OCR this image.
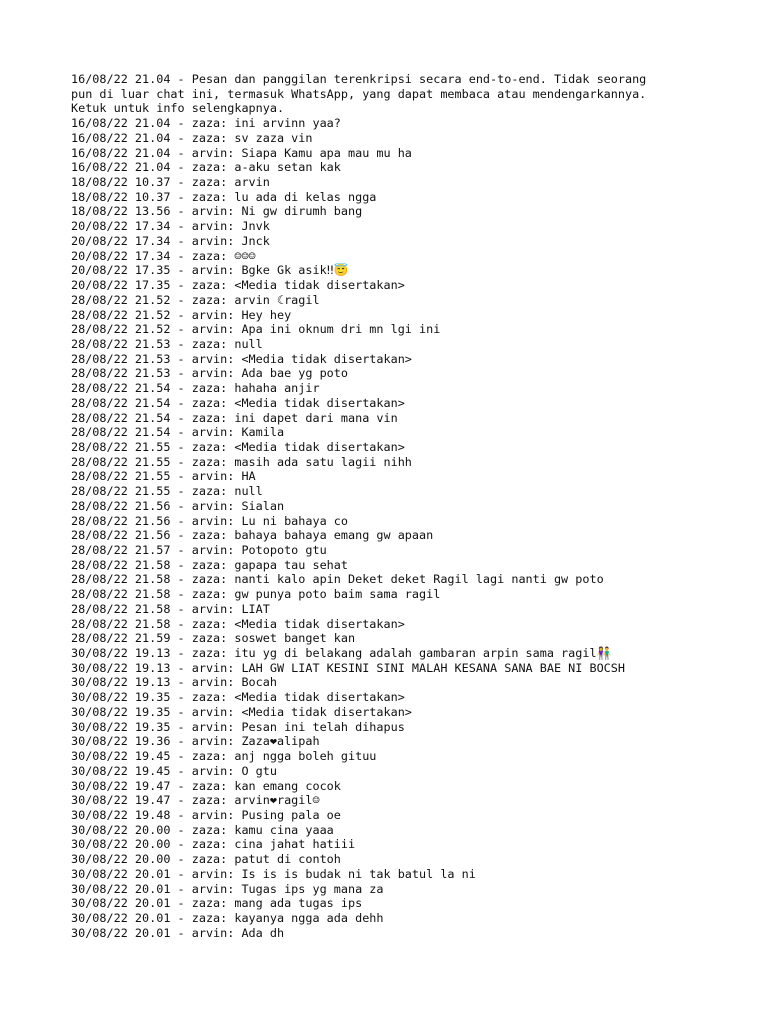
16/08/22 21.04 - Pesan dan panggilan terenkripsi secara end-to-end. Tidak seorang
pun di luar chat ini, termasuk WhatsApp, yang dapat membaca atau mendengarkannya.
Ketuk untuk info selengkapnya.
16/08/22 21.04 - zaza: ini arvinn yaa?
16/08/22 21.04 - zaza: sv zaza vin
16/08/22 21.04 - arvin: Siapa Kamu apa mau mu ha
16/08/22 21.04 - zaza: a-aku setan kak
18/08/22 10.37 - zaza: arvin
18/08/22 10.37 - zaza: lu ada di kelas ngga
18/08/22 13.56 - arvin: Ni gw dirumh bang
20/08/22 17.34 - arvin: Jnvk
20/08/22 17.34 - arvin: Jnck
20/08/22 17.34 - zaza: ☺☺☺
20/08/22 17.35 - arvin: Bgke Gk asik‼😇
20/08/22 17.35 - zaza: <Media tidak disertakan>
28/08/22 21.52 - zaza: arvin ☾ragil
28/08/22 21.52 - arvin: Hey hey
28/08/22 21.52 - arvin: Apa ini oknum dri mn lgi ini
28/08/22 21.53 - zaza: null
28/08/22 21.53 - arvin: <Media tidak disertakan>
28/08/22 21.53 - arvin: Ada bae yg poto
28/08/22 21.54 - zaza: hahaha anjir
28/08/22 21.54 - zaza: <Media tidak disertakan>
28/08/22 21.54 - zaza: ini dapet dari mana vin
28/08/22 21.54 - arvin: Kamila
28/08/22 21.55 - zaza: <Media tidak disertakan>
28/08/22 21.55 - zaza: masih ada satu lagii nihh
28/08/22 21.55 - arvin: HA
28/08/22 21.55 - zaza: null
28/08/22 21.56 - arvin: Sialan
28/08/22 21.56 - arvin: Lu ni bahaya co
28/08/22 21.56 - zaza: bahaya bahaya emang gw apaan
28/08/22 21.57 - arvin: Potopoto gtu
28/08/22 21.58 - zaza: gapapa tau sehat
28/08/22 21.58 - zaza: nanti kalo apin Deket deket Ragil lagi nanti gw poto
28/08/22 21.58 - zaza: gw punya poto baim sama ragil
28/08/22 21.58 - arvin: LIAT
28/08/22 21.58 - zaza: <Media tidak disertakan>
28/08/22 21.59 - zaza: soswet banget kan
30/08/22 19.13 - zaza: itu yg di belakang adalah gambaran arpin sama ragil👫
30/08/22 19.13 - arvin: LAH GW LIAT KESINI SINI MALAH KESANA SANA BAE NI BOCSH
30/08/22 19.13 - arvin: Bocah
30/08/22 19.35 - zaza: <Media tidak disertakan>
30/08/22 19.35 - arvin: <Media tidak disertakan>
30/08/22 19.35 - arvin: Pesan ini telah dihapus
30/08/22 19.36 - arvin: Zaza❤alipah
30/08/22 19.45 - zaza: anj ngga boleh gituu
30/08/22 19.45 - arvin: O gtu
30/08/22 19.47 - zaza: kan emang cocok
30/08/22 19.47 - zaza: arvin❤ragil☺
30/08/22 19.48 - arvin: Pusing pala oe
30/08/22 20.00 - zaza: kamu cina yaaa
30/08/22 20.00 - zaza: cina jahat hatiii
30/08/22 20.00 - zaza: patut di contoh
30/08/22 20.01 - arvin: Is is is budak ni tak batul la ni
30/08/22 20.01 - arvin: Tugas ips yg mana za
30/08/22 20.01 - zaza: mang ada tugas ips
30/08/22 20.01 - zaza: kayanya ngga ada dehh
30/08/22 20.01 - arvin: Ada dh
